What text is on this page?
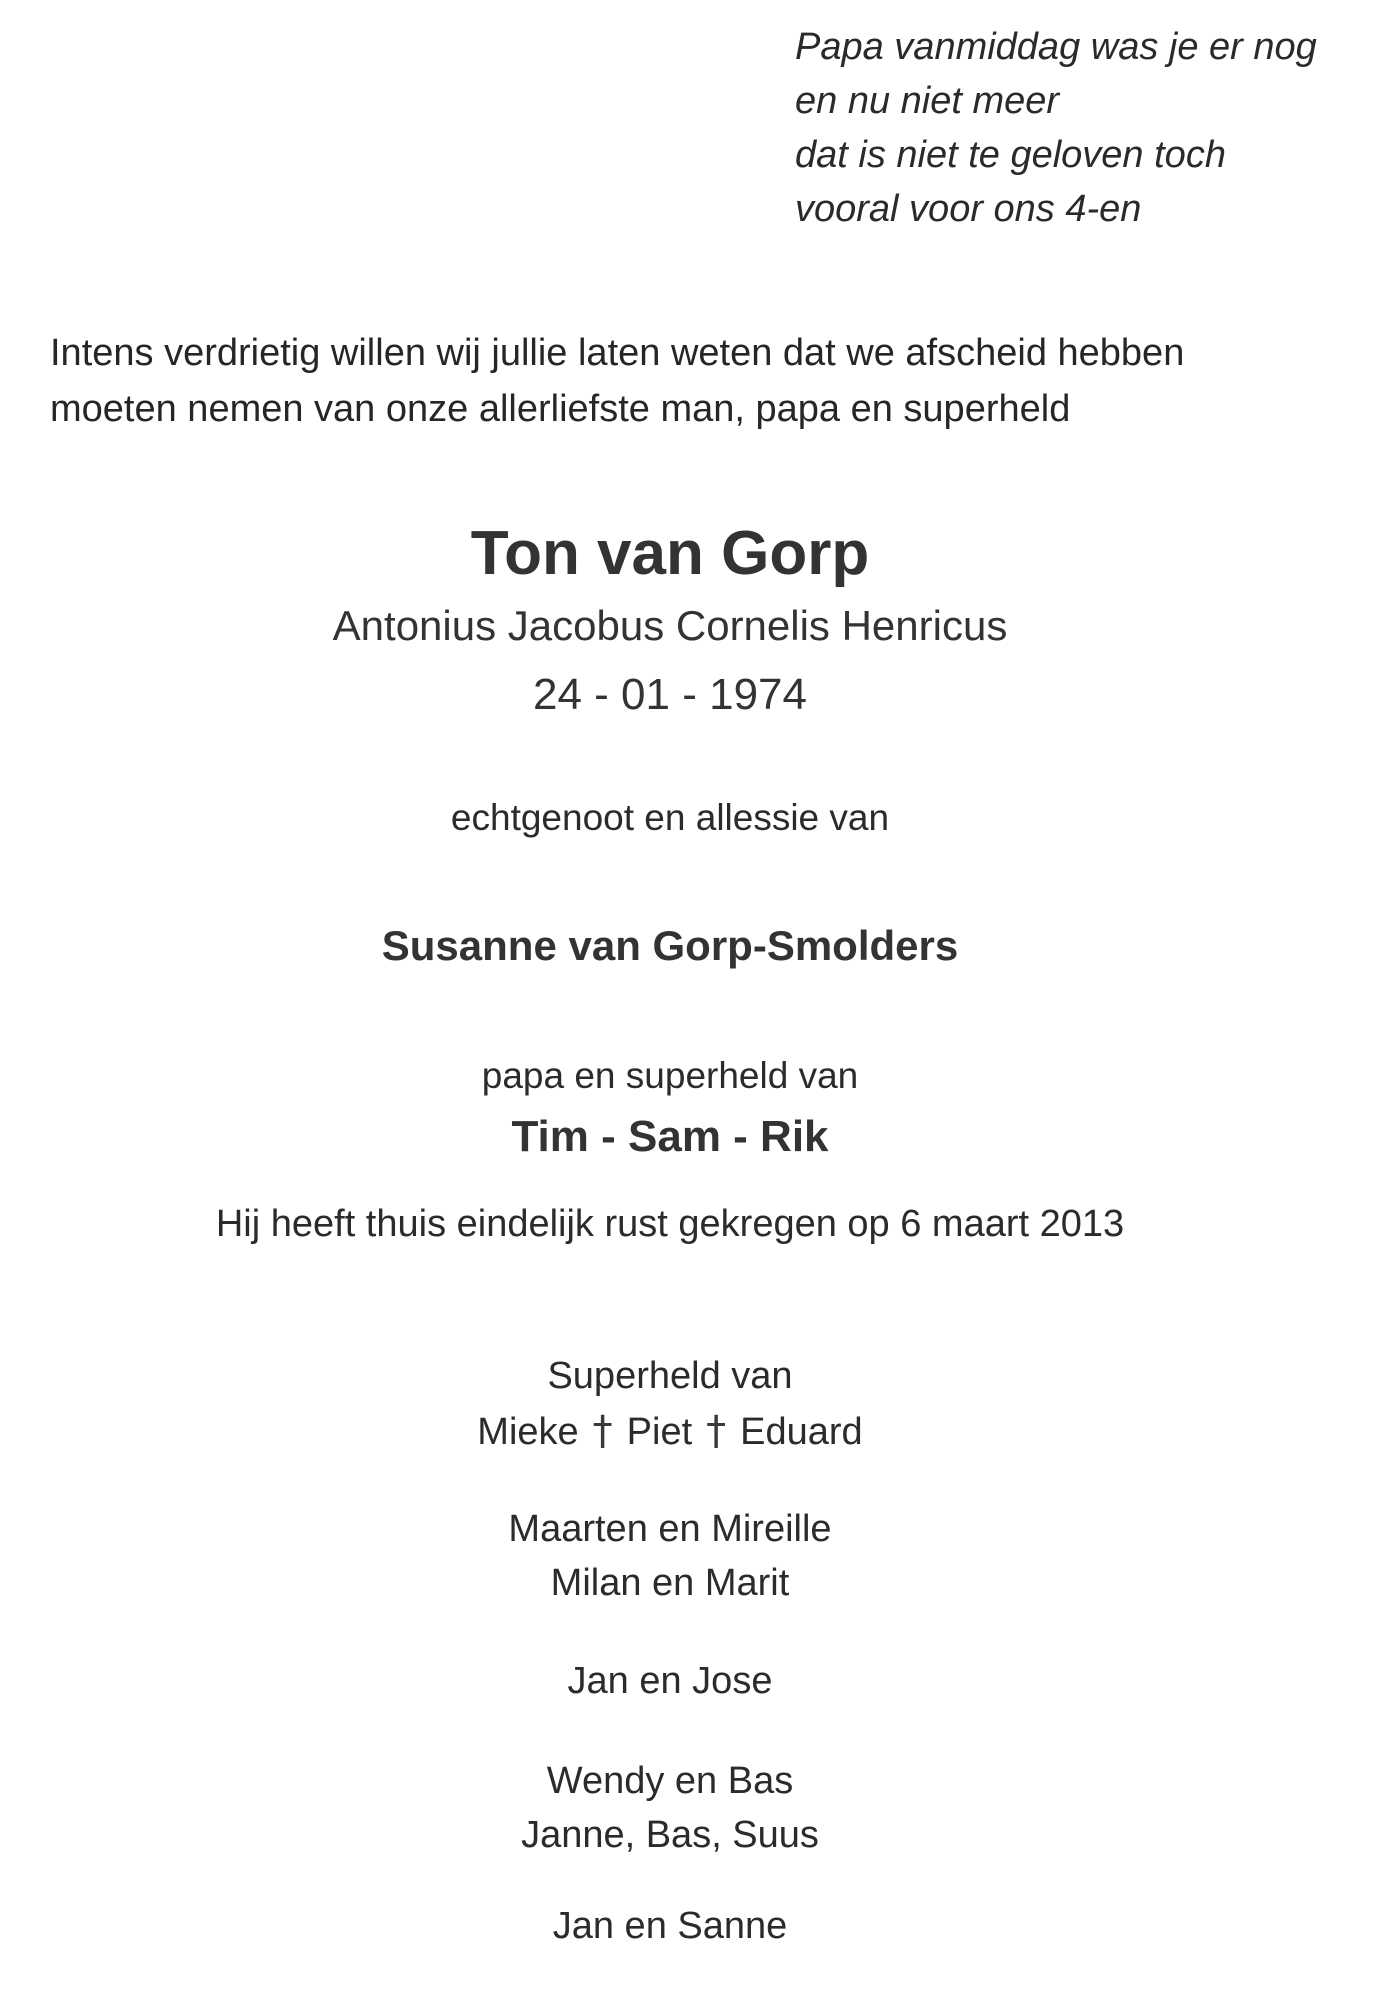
Papa vanmiddag was je er nog
en nu niet meer
dat is niet te geloven toch
vooral voor ons 4-en
Intens verdrietig willen wij jullie laten weten dat we afscheid hebben
moeten nemen van onze allerliefste man, papa en superheld
Ton van Gorp
Antonius Jacobus Cornelis Henricus
24 - 01 - 1974
echtgenoot en allessie van
Susanne van Gorp-Smolders
papa en superheld van
Tim - Sam - Rik
Hij heeft thuis eindelijk rust gekregen op 6 maart 2013
Superheld van
Mieke † Piet † Eduard
Maarten en Mireille
Milan en Marit
Jan en Jose
Wendy en Bas
Janne, Bas, Suus
Jan en Sanne
